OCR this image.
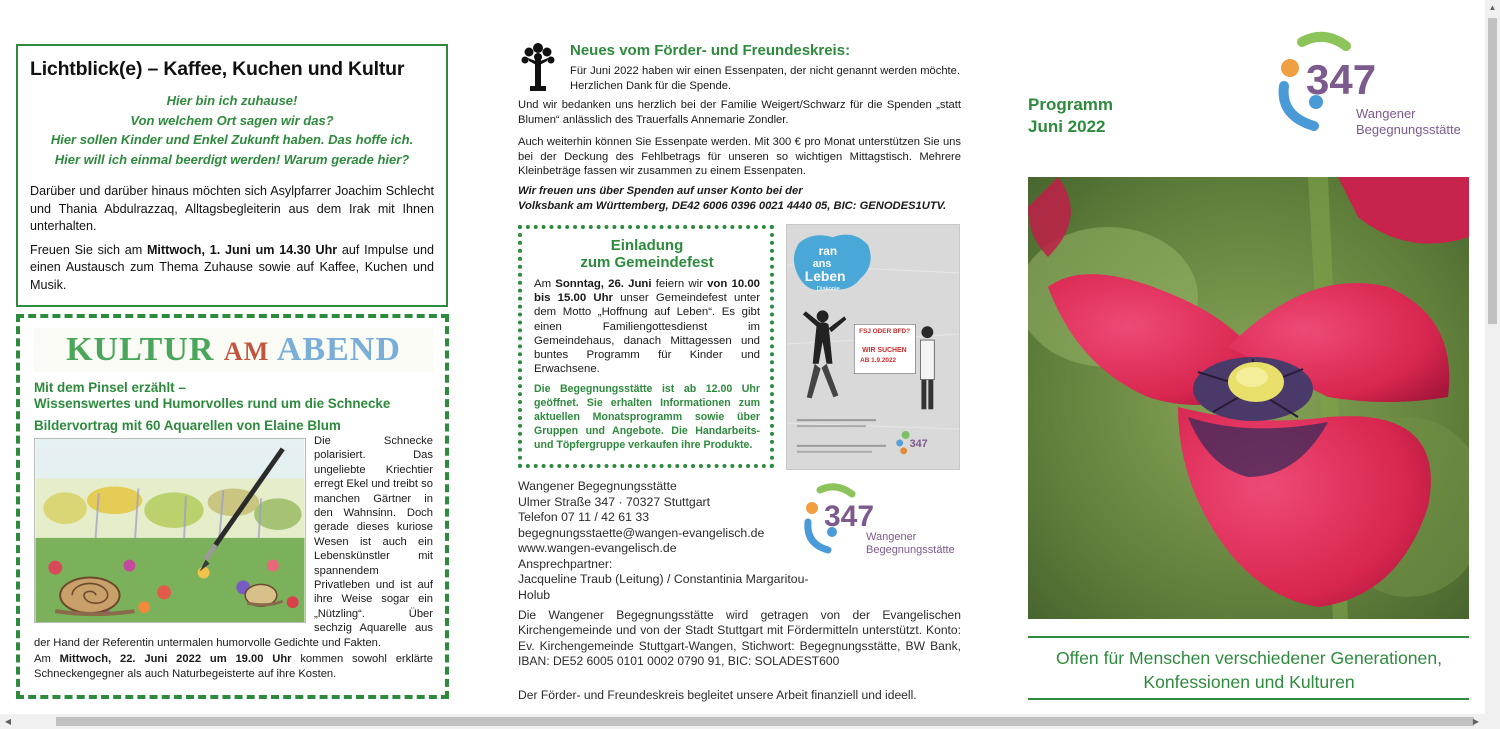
Lichtblick(e) – Kaffee, Kuchen und Kultur
Hier bin ich zuhause!
Von welchem Ort sagen wir das?
Hier sollen Kinder und Enkel Zukunft haben. Das hoffe ich.
Hier will ich einmal beerdigt werden! Warum gerade hier?

Darüber und darüber hinaus möchten sich Asylpfarrer Joachim Schlecht und Thania Abdulrazzaq, Alltagsbegleiterin aus dem Irak mit Ihnen unterhalten.

Freuen Sie sich am Mittwoch, 1. Juni um 14.30 Uhr auf Impulse und einen Austausch zum Thema Zuhause sowie auf Kaffee, Kuchen und Musik.

KULTUR AM ABEND
Mit dem Pinsel erzählt –
Wissenswertes und Humorvolles rund um die Schnecke
Bildervortrag mit 60 Aquarellen von Elaine Blum

Die Schnecke polarisiert. Das ungeliebte Kriechtier erregt Ekel und treibt so manchen Gärtner in den Wahnsinn. Doch gerade dieses kuriose Wesen ist auch ein Lebenskünstler mit spannendem Privatleben und ist auf ihre Weise sogar ein „Nützling“. Über sechzig Aquarelle aus der Hand der Referentin untermalen humorvolle Gedichte und Fakten.

Am Mittwoch, 22. Juni 2022 um 19.00 Uhr kommen sowohl erklärte Schneckengegner als auch Naturbegeisterte auf ihre Kosten.

Neues vom Förder- und Freundeskreis:

Für Juni 2022 haben wir einen Essenpaten, der nicht genannt werden möchte. Herzlichen Dank für die Spende.

Und wir bedanken uns herzlich bei der Familie Weigert/Schwarz für die Spenden „statt Blumen“ anlässlich des Trauerfalls Annemarie Zondler.

Auch weiterhin können Sie Essenpate werden. Mit 300 € pro Monat unterstützen Sie uns bei der Deckung des Fehlbetrags für unseren so wichtigen Mittagstisch. Mehrere Kleinbeträge fassen wir zusammen zu einem Essenpaten.

Wir freuen uns über Spenden auf unser Konto bei der
Volksbank am Württemberg, DE42 6006 0396 0021 4440 05, BIC: GENODES1UTV.

Einladung
zum Gemeindefest

Am Sonntag, 26. Juni feiern wir von 10.00 bis 15.00 Uhr unser Gemeindefest unter dem Motto „Hoffnung auf Leben“. Es gibt einen Familiengottesdienst im Gemeindehaus, danach Mittagessen und buntes Programm für Kinder und Erwachsene.

Die Begegnungsstätte ist ab 12.00 Uhr geöffnet. Sie erhalten Informationen zum aktuellen Monatsprogramm sowie über Gruppen und Angebote. Die Handarbeits- und Töpfergruppe verkaufen ihre Produkte.

ran
ans
Leben
Diakonie
FSJ ODER BFD?
WIR SUCHEN
AB 1.9.2022
347
Wangener Begegnungsstätte
Ulmer Straße 347 · 70327 Stuttgart
Telefon 07 11 / 42 61 33
begegnungsstaette@wangen-evangelisch.de
www.wangen-evangelisch.de
Ansprechpartner:
Jacqueline Traub (Leitung) / Constantinia Margaritou-Holub
347
Wangener
Begegnungsstätte

Die Wangener Begegnungsstätte wird getragen von der Evangelischen Kirchengemeinde und von der Stadt Stuttgart mit Fördermitteln unterstützt. Konto: Ev. Kirchengemeinde Stuttgart-Wangen, Stichwort: Begegnungsstätte, BW Bank, IBAN: DE52 6005 0101 0002 0790 91, BIC: SOLADEST600

Der Förder- und Freundeskreis begleitet unsere Arbeit finanziell und ideell.

Programm
Juni 2022
347
Wangener
Begegnungsstätte
Offen für Menschen verschiedener Generationen,
Konfessionen und Kulturen
▲
◀	▶
